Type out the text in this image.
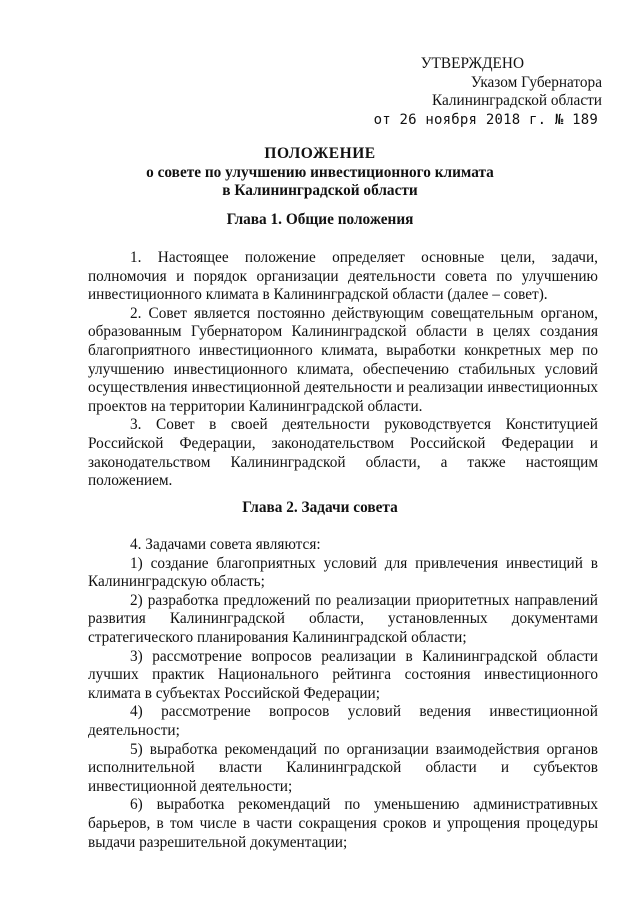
УТВЕРЖДЕНО
Указом Губернатора
Калининградской области
от 26 ноября 2018 г. № 189
ПОЛОЖЕНИЕ
о совете по улучшению инвестиционного климата
в Калининградской области
Глава 1. Общие положения

1. Настоящее положение определяет основные цели, задачи, полномочия и порядок организации деятельности совета по улучшению инвестиционного климата в Калининградской области (далее – совет).

2. Совет является постоянно действующим совещательным органом, образованным Губернатором Калининградской области в целях создания благоприятного инвестиционного климата, выработки конкретных мер по улучшению инвестиционного климата, обеспечению стабильных условий осуществления инвестиционной деятельности и реализации инвестиционных проектов на территории Калининградской области.

3. Совет в своей деятельности руководствуется Конституцией Российской Федерации, законодательством Российской Федерации и законодательством Калининградской области, а также настоящим положением.

Глава 2. Задачи совета

4. Задачами совета являются:

1) создание благоприятных условий для привлечения инвестиций в Калининградскую область;

2) разработка предложений по реализации приоритетных направлений развития Калининградской области, установленных документами стратегического планирования Калининградской области;

3) рассмотрение вопросов реализации в Калининградской области лучших практик Национального рейтинга состояния инвестиционного климата в субъектах Российской Федерации;

4) рассмотрение вопросов условий ведения инвестиционной деятельности;

5) выработка рекомендаций по организации взаимодействия органов исполнительной власти Калининградской области и субъектов инвестиционной деятельности;

6) выработка рекомендаций по уменьшению административных барьеров, в том числе в части сокращения сроков и упрощения процедуры выдачи разрешительной документации;
